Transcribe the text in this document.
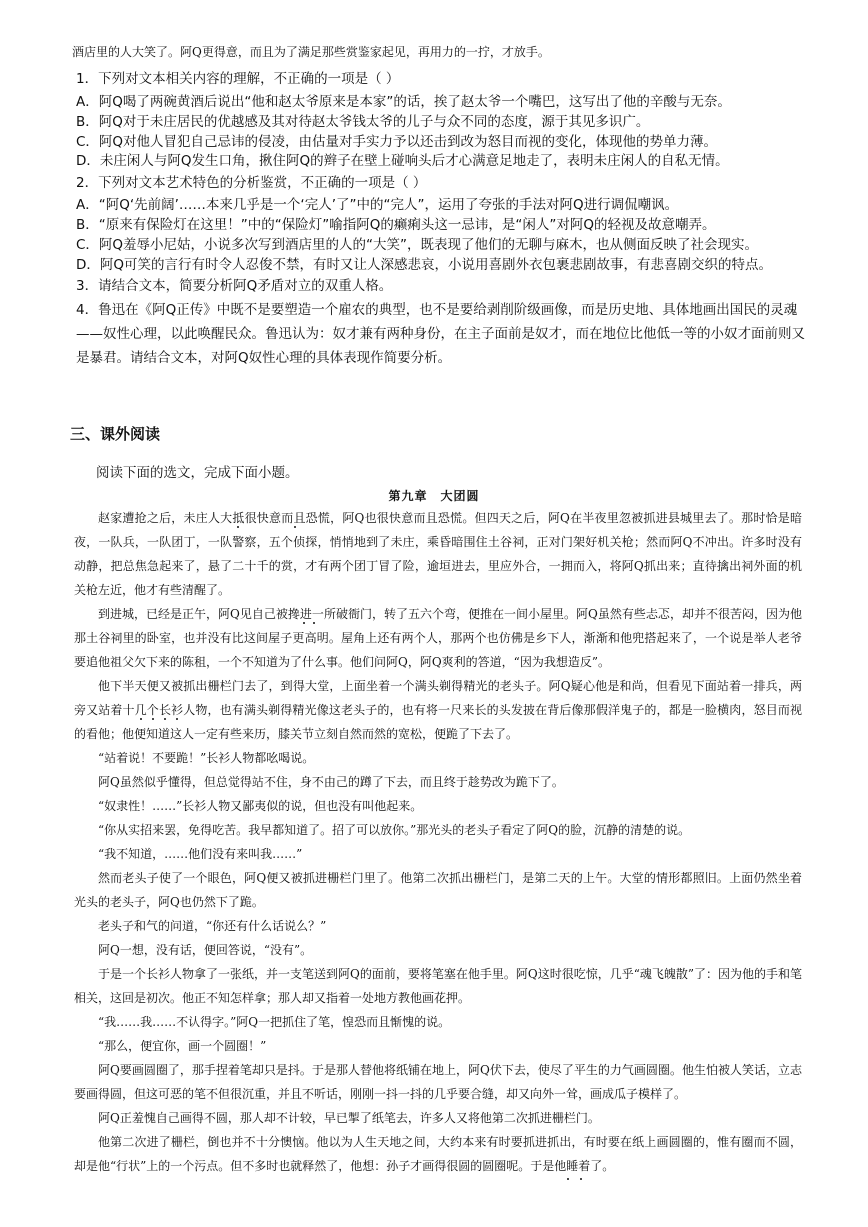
酒店里的人大笑了。阿Q更得意，而且为了满足那些赏鉴家起见，再用力的一拧，才放手。
1．下列对文本相关内容的理解，不正确的一项是（ ）
A．阿Q喝了两碗黄酒后说出“他和赵太爷原来是本家”的话，挨了赵太爷一个嘴巴，这写出了他的辛酸与无奈。
B．阿Q对于未庄居民的优越感及其对待赵太爷钱太爷的儿子与众不同的态度，源于其见多识广。
C．阿Q对他人冒犯自己忌讳的侵凌，由估量对手实力予以还击到改为怒目而视的变化，体现他的势单力薄。
D．未庄闲人与阿Q发生口角，揪住阿Q的辫子在壁上碰响头后才心满意足地走了，表明未庄闲人的自私无情。
2．下列对文本艺术特色的分析鉴赏，不正确的一项是（ ）
A．“阿Q‘先前阔’……本来几乎是一个‘完人’了”中的“完人”，运用了夸张的手法对阿Q进行调侃嘲讽。
B．“原来有保险灯在这里！”中的“保险灯”喻指阿Q的癞痢头这一忌讳，是“闲人”对阿Q的轻视及故意嘲弄。
C．阿Q羞辱小尼姑，小说多次写到酒店里的人的“大笑”，既表现了他们的无聊与麻木，也从侧面反映了社会现实。
D．阿Q可笑的言行有时令人忍俊不禁，有时又让人深感悲哀，小说用喜剧外衣包裹悲剧故事，有悲喜剧交织的特点。
3．请结合文本，简要分析阿Q矛盾对立的双重人格。
4．鲁迅在《阿Q正传》中既不是要塑造一个雇农的典型，也不是要给剥削阶级画像，而是历史地、具体地画出国民的灵魂——奴性心理，以此唤醒民众。鲁迅认为：奴才兼有两种身份，在主子面前是奴才，而在地位比他低一等的小奴才面前则又是暴君。请结合文本，对阿Q奴性心理的具体表现作简要分析。
三、课外阅读
阅读下面的选文，完成下面小题。
第九章　大团圆

赵家遭抢之后，未庄人大抵很快意而且恐慌，阿Q也很快意而且恐慌。但四天之后，阿Q在半夜里忽被抓进县城里去了。那时恰是暗夜，一队兵，一队团丁，一队警察，五个侦探，悄悄地到了未庄，乘昏暗围住土谷祠，正对门架好机关枪；然而阿Q不冲出。许多时没有动静，把总焦急起来了，悬了二十千的赏，才有两个团丁冒了险，逾垣进去，里应外合，一拥而入，将阿Q抓出来；直待擒出祠外面的机关枪左近，他才有些清醒了。

到进城，已经是正午，阿Q见自己被搀进一所破衙门，转了五六个弯，便推在一间小屋里。阿Q虽然有些忐忑，却并不很苦闷，因为他那土谷祠里的卧室，也并没有比这间屋子更高明。屋角上还有两个人，那两个也仿佛是乡下人，渐渐和他兜搭起来了，一个说是举人老爷要追他祖父欠下来的陈租，一个不知道为了什么事。他们问阿Q，阿Q爽利的答道，“因为我想造反”。

他下半天便又被抓出栅栏门去了，到得大堂，上面坐着一个满头剃得精光的老头子。阿Q疑心他是和尚，但看见下面站着一排兵，两旁又站着十几个长衫人物，也有满头剃得精光像这老头子的，也有将一尺来长的头发披在背后像那假洋鬼子的，都是一脸横肉，怒目而视的看他；他便知道这人一定有些来历，膝关节立刻自然而然的宽松，便跪了下去了。

“站着说！不要跪！”长衫人物都吆喝说。

阿Q虽然似乎懂得，但总觉得站不住，身不由己的蹲了下去，而且终于趁势改为跪下了。

“奴隶性！……”长衫人物又鄙夷似的说，但也没有叫他起来。

“你从实招来罢，免得吃苦。我早都知道了。招了可以放你。”那光头的老头子看定了阿Q的脸，沉静的清楚的说。

“我不知道，……他们没有来叫我……”

然而老头子使了一个眼色，阿Q便又被抓进栅栏门里了。他第二次抓出栅栏门，是第二天的上午。大堂的情形都照旧。上面仍然坐着光头的老头子，阿Q也仍然下了跪。

老头子和气的问道，“你还有什么话说么？”

阿Q一想，没有话，便回答说，“没有”。

于是一个长衫人物拿了一张纸，并一支笔送到阿Q的面前，要将笔塞在他手里。阿Q这时很吃惊，几乎“魂飞魄散”了：因为他的手和笔相关，这回是初次。他正不知怎样拿；那人却又指着一处地方教他画花押。

“我……我……不认得字。”阿Q一把抓住了笔，惶恐而且惭愧的说。

“那么，便宜你，画一个圆圈！”

阿Q要画圆圈了，那手捏着笔却只是抖。于是那人替他将纸铺在地上，阿Q伏下去，使尽了平生的力气画圆圈。他生怕被人笑话，立志要画得圆，但这可恶的笔不但很沉重，并且不听话，刚刚一抖一抖的几乎要合缝，却又向外一耸，画成瓜子模样了。

阿Q正羞愧自己画得不圆，那人却不计较，早已掣了纸笔去，许多人又将他第二次抓进栅栏门。

他第二次进了栅栏，倒也并不十分懊恼。他以为人生天地之间，大约本来有时要抓进抓出，有时要在纸上画圆圈的，惟有圈而不圆，却是他“行状”上的一个污点。但不多时也就释然了，他想：孙子才画得很圆的圆圈呢。于是他睡着了。
